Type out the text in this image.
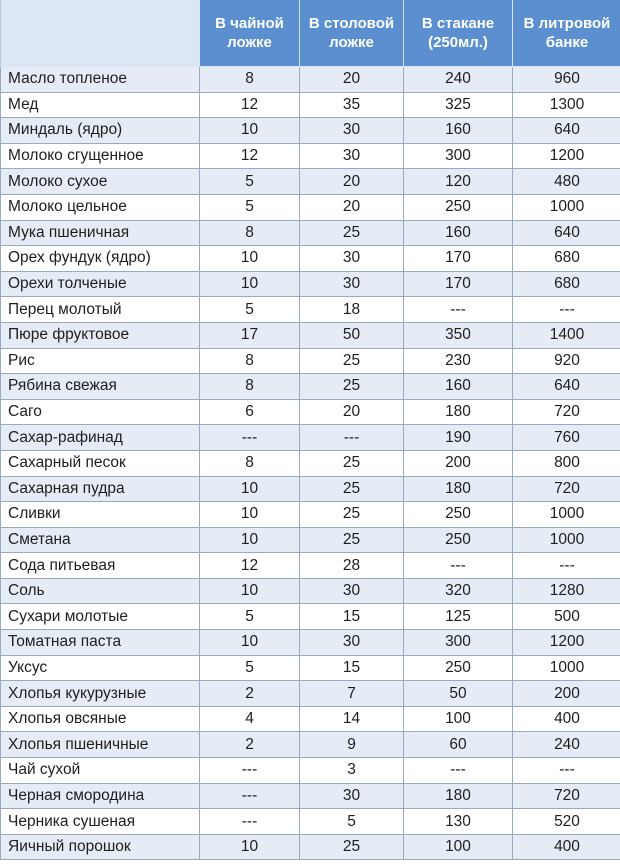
	В чайной ложке	В столовой ложке	В стакане (250мл.)	В литровой банке
Масло топленое	8	20	240	960
Мед	12	35	325	1300
Миндаль (ядро)	10	30	160	640
Молоко сгущенное	12	30	300	1200
Молоко сухое	5	20	120	480
Молоко цельное	5	20	250	1000
Мука пшеничная	8	25	160	640
Орех фундук (ядро)	10	30	170	680
Орехи толченые	10	30	170	680
Перец молотый	5	18	---	---
Пюре фруктовое	17	50	350	1400
Рис	8	25	230	920
Рябина свежая	8	25	160	640
Саго	6	20	180	720
Сахар-рафинад	---	---	190	760
Сахарный песок	8	25	200	800
Сахарная пудра	10	25	180	720
Сливки	10	25	250	1000
Сметана	10	25	250	1000
Сода питьевая	12	28	---	---
Соль	10	30	320	1280
Сухари молотые	5	15	125	500
Томатная паста	10	30	300	1200
Уксус	5	15	250	1000
Хлопья кукурузные	2	7	50	200
Хлопья овсяные	4	14	100	400
Хлопья пшеничные	2	9	60	240
Чай сухой	---	3	---	---
Черная смородина	---	30	180	720
Черника сушеная	---	5	130	520
Яичный порошок	10	25	100	400
